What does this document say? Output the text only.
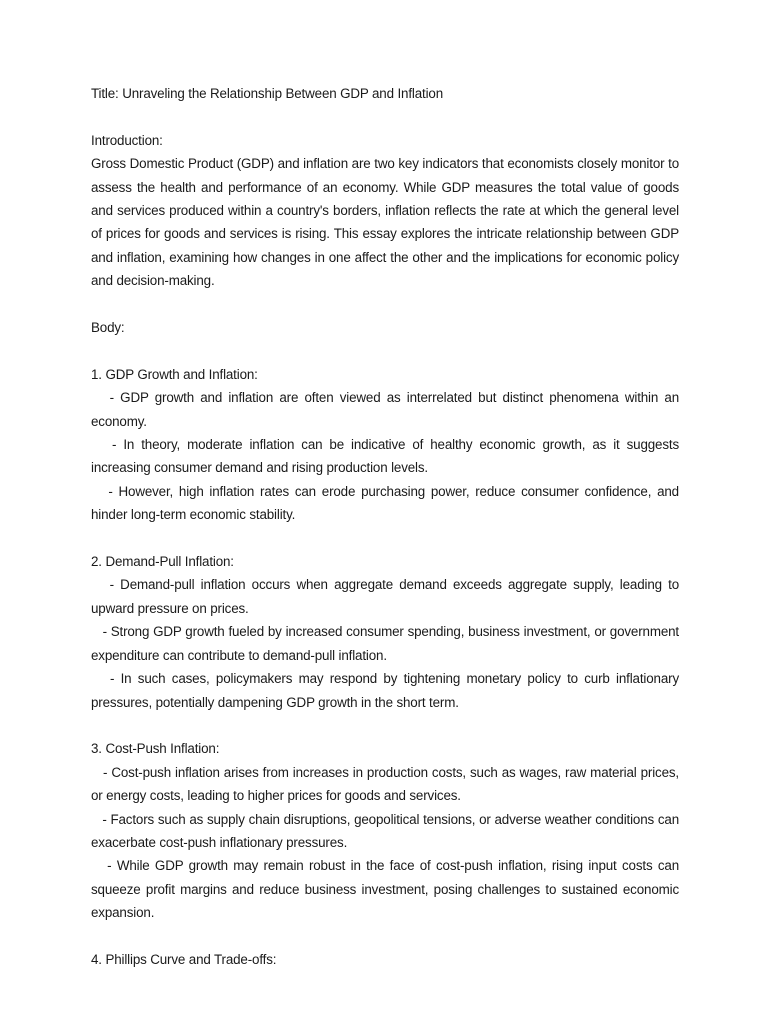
Title: Unraveling the Relationship Between GDP and Inflation

Introduction:

Gross Domestic Product (GDP) and inflation are two key indicators that economists closely monitor to assess the health and performance of an economy. While GDP measures the total value of goods and services produced within a country's borders, inflation reflects the rate at which the general level of prices for goods and services is rising. This essay explores the intricate relationship between GDP and inflation, examining how changes in one affect the other and the implications for economic policy and decision-making.

Body:

1. GDP Growth and Inflation:

- GDP growth and inflation are often viewed as interrelated but distinct phenomena within an economy.

- In theory, moderate inflation can be indicative of healthy economic growth, as it suggests increasing consumer demand and rising production levels.

- However, high inflation rates can erode purchasing power, reduce consumer confidence, and hinder long-term economic stability.

2. Demand-Pull Inflation:

- Demand-pull inflation occurs when aggregate demand exceeds aggregate supply, leading to upward pressure on prices.

- Strong GDP growth fueled by increased consumer spending, business investment, or government expenditure can contribute to demand-pull inflation.

- In such cases, policymakers may respond by tightening monetary policy to curb inflationary pressures, potentially dampening GDP growth in the short term.

3. Cost-Push Inflation:

- Cost-push inflation arises from increases in production costs, such as wages, raw material prices, or energy costs, leading to higher prices for goods and services.

- Factors such as supply chain disruptions, geopolitical tensions, or adverse weather conditions can exacerbate cost-push inflationary pressures.

- While GDP growth may remain robust in the face of cost-push inflation, rising input costs can squeeze profit margins and reduce business investment, posing challenges to sustained economic expansion.

4. Phillips Curve and Trade-offs:
